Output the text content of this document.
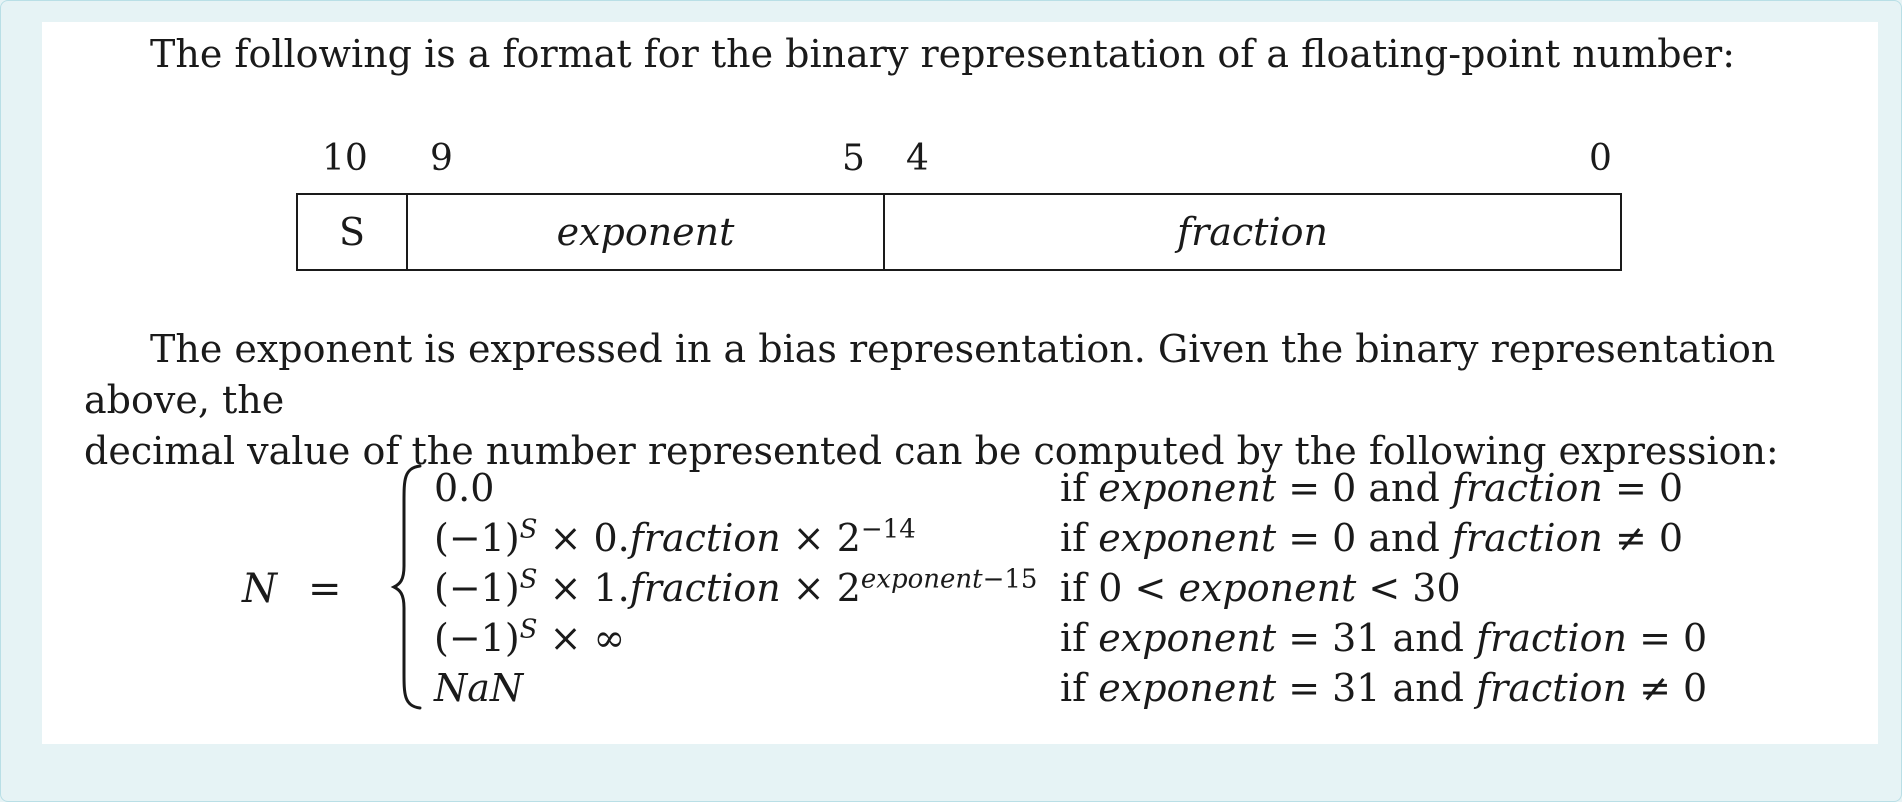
The following is a format for the binary representation of a floating-point number:

10 9	5 4	0
S	exponent	fraction

The exponent is expressed in a bias representation. Given the binary representation above, the
decimal value of the number represented can be computed by the following expression:

N =
0.0	if exponent = 0 and fraction = 0
$(-1)^S$ × 0.fraction × $2^{-14}$	if exponent = 0 and fraction ≠ 0
$(-1)^S$ × 1.fraction × $2^{exponent-15}$ if 0 < exponent < 30
$(-1)^S$ × ∞	if exponent = 31 and fraction = 0
NaN	if exponent = 31 and fraction ≠ 0
